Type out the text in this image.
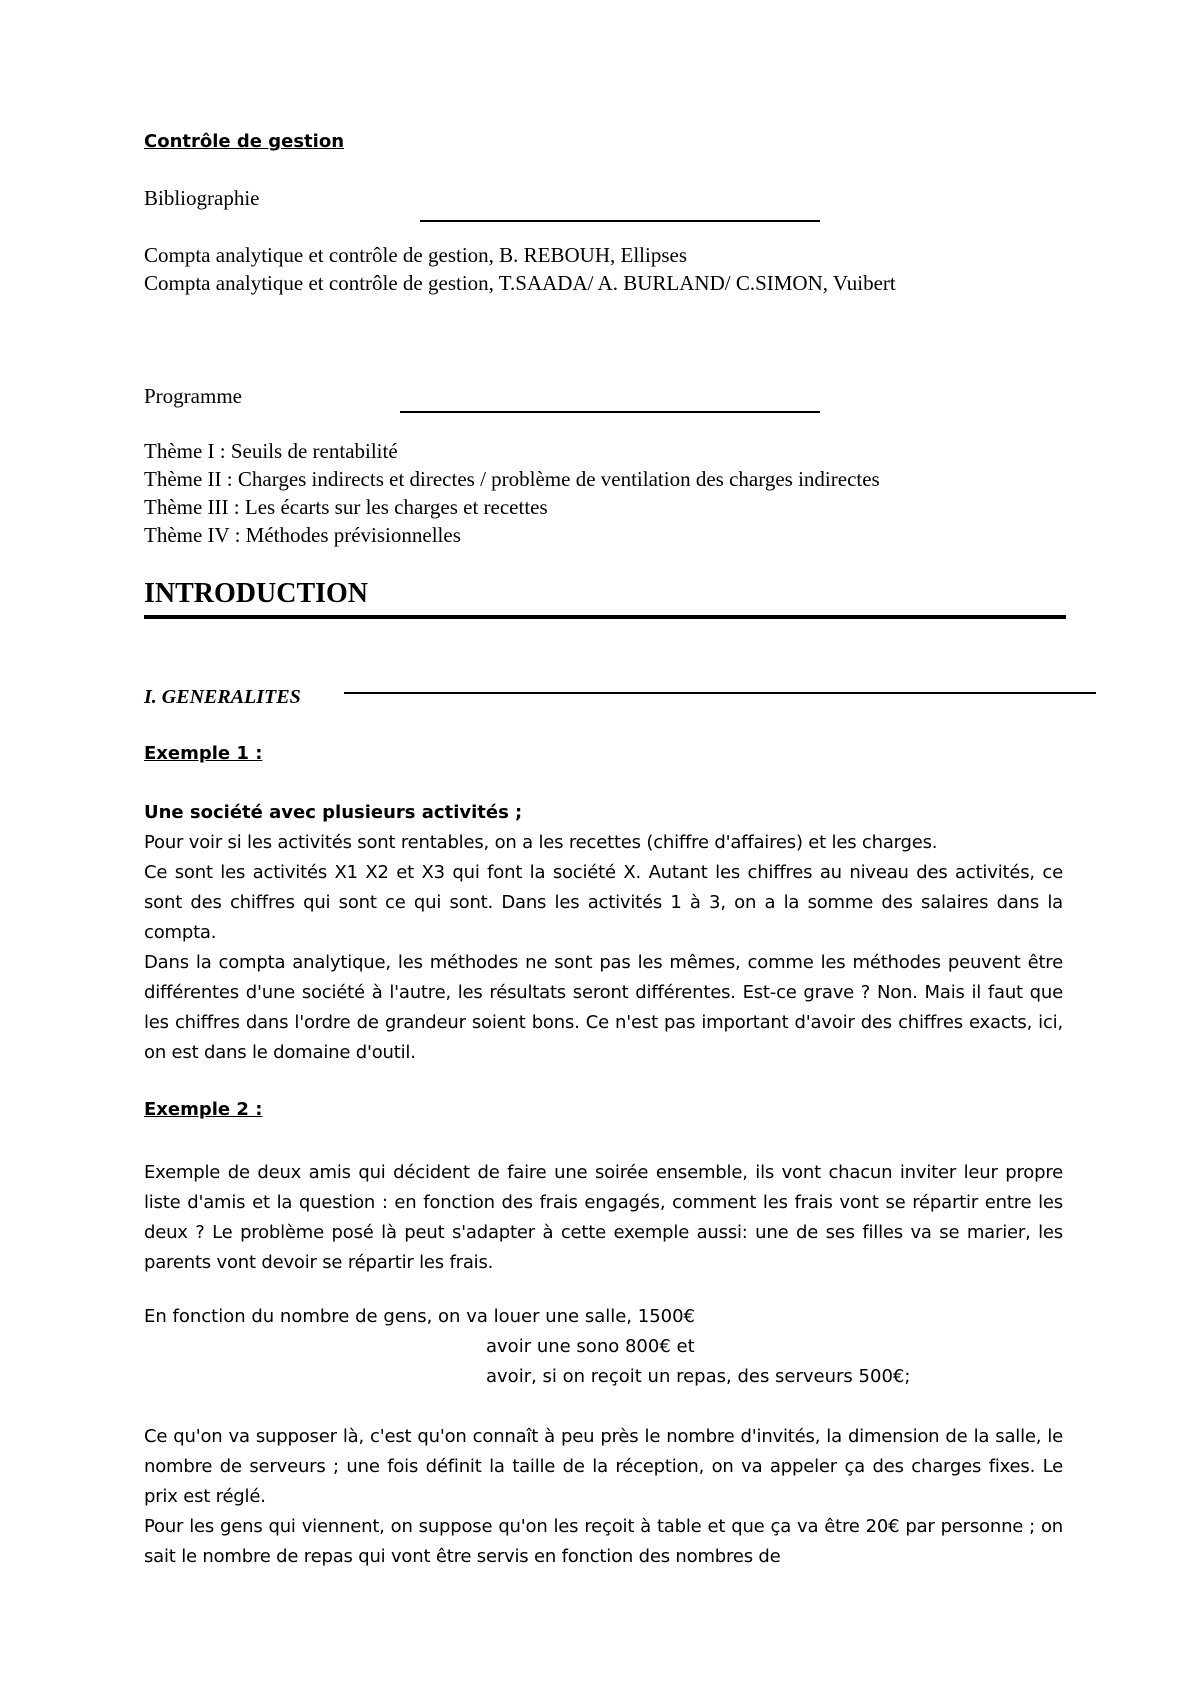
Contrôle de gestion
Bibliographie
Compta analytique et contrôle de gestion, B. REBOUH, Ellipses
Compta analytique et contrôle de gestion, T.SAADA/ A. BURLAND/ C.SIMON, Vuibert
Programme
Thème I : Seuils de rentabilité
Thème II : Charges indirects et directes / problème de ventilation des charges indirectes
Thème III : Les écarts sur les charges et recettes
Thème IV : Méthodes prévisionnelles
INTRODUCTION
I. GENERALITES
Exemple 1 :
Une société avec plusieurs activités ;
Pour voir si les activités sont rentables, on a les recettes (chiffre d'affaires) et les charges.
Ce sont les activités X1 X2 et X3 qui font la société X. Autant les chiffres au niveau des activités, ce sont des chiffres qui sont ce qui sont. Dans les activités 1 à 3, on a la somme des salaires dans la compta.
Dans la compta analytique, les méthodes ne sont pas les mêmes, comme les méthodes peuvent être différentes d'une société à l'autre, les résultats seront différentes. Est-ce grave ? Non. Mais il faut que les chiffres dans l'ordre de grandeur soient bons. Ce n'est pas important d'avoir des chiffres exacts, ici, on est dans le domaine d'outil.
Exemple 2 :
Exemple de deux amis qui décident de faire une soirée ensemble, ils vont chacun inviter leur propre liste d'amis et la question : en fonction des frais engagés, comment les frais vont se répartir entre les deux ? Le problème posé là peut s'adapter à cette exemple aussi: une de ses filles va se marier, les parents vont devoir se répartir les frais.
En fonction du nombre de gens, on va louer une salle, 1500€
avoir une sono 800€ et
avoir, si on reçoit un repas, des serveurs 500€;
Ce qu'on va supposer là, c'est qu'on connaît à peu près le nombre d'invités, la dimension de la salle, le nombre de serveurs ; une fois définit la taille de la réception, on va appeler ça des charges fixes. Le prix est réglé.
Pour les gens qui viennent, on suppose qu'on les reçoit à table et que ça va être 20€ par personne ; on sait le nombre de repas qui vont être servis en fonction des nombres de
